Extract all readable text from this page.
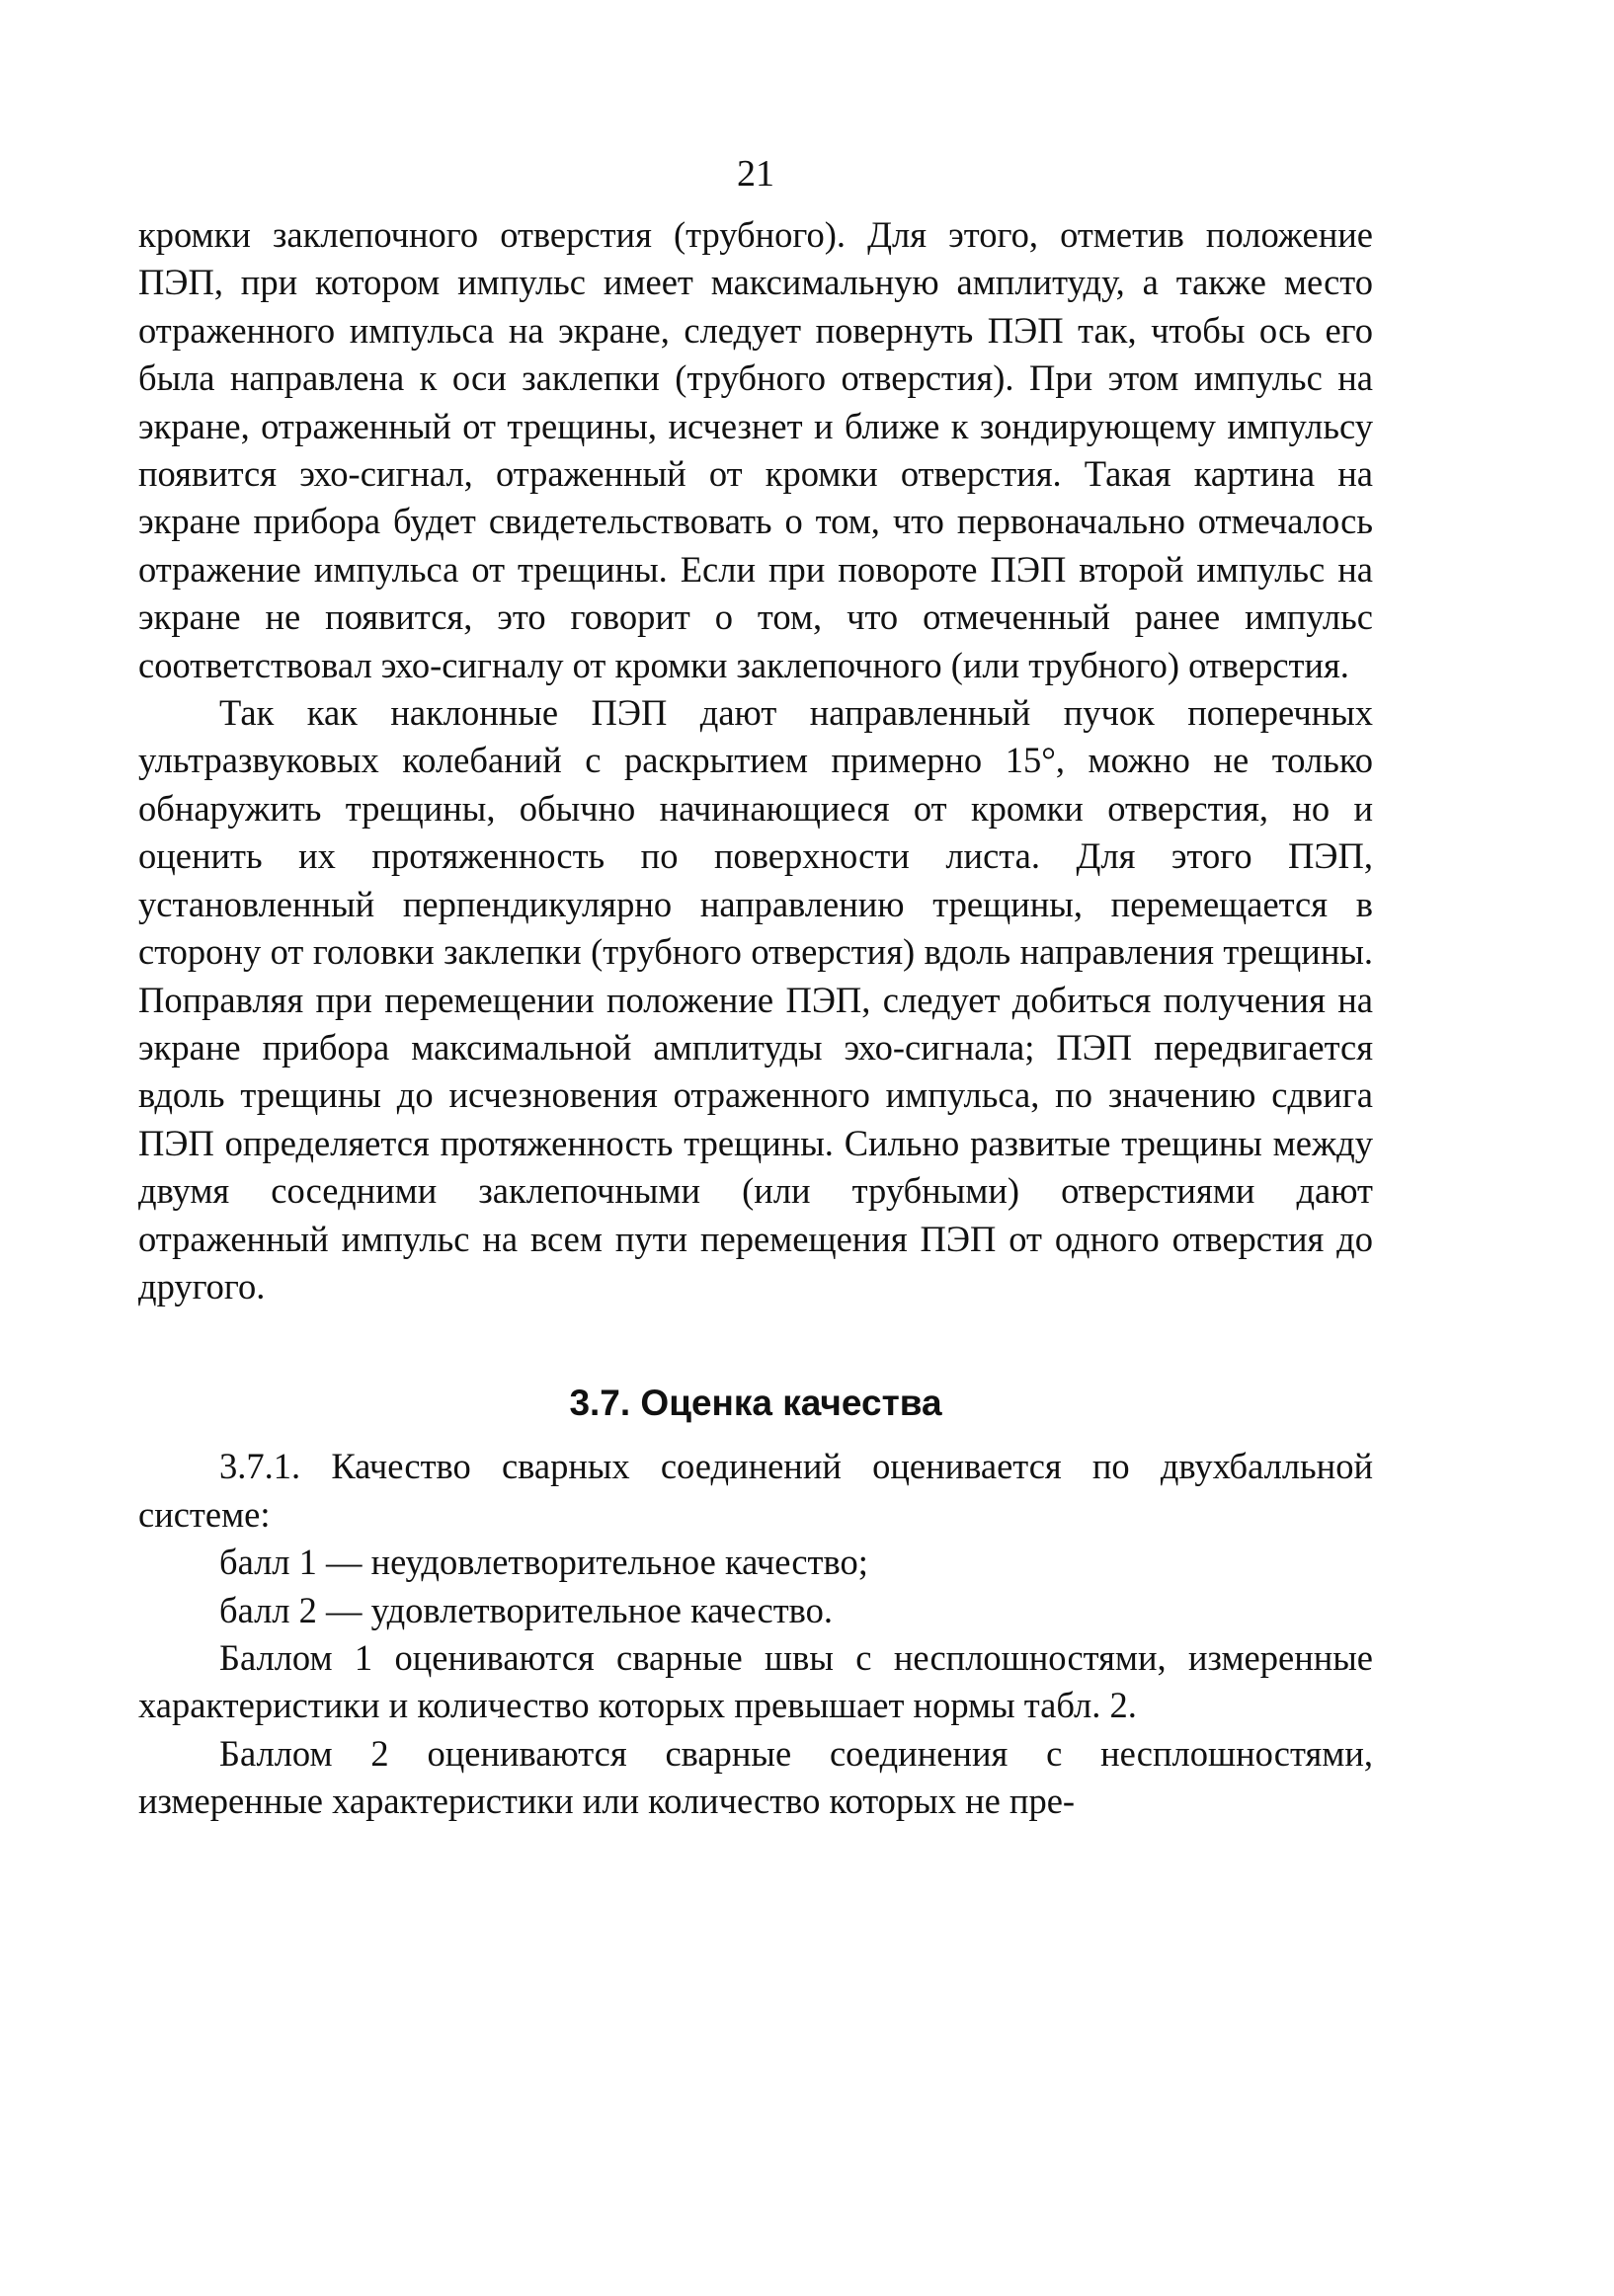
21

кромки заклепочного отверстия (трубного). Для этого, отметив положение ПЭП, при котором импульс имеет максимальную амплитуду, а также место отраженного импульса на экране, следует повернуть ПЭП так, чтобы ось его была направлена к оси заклепки (трубного отверстия). При этом импульс на экране, отраженный от трещины, исчезнет и ближе к зондирующему импульсу появится эхо-сигнал, отраженный от кромки отверстия. Такая картина на экране прибора будет свидетельствовать о том, что первоначально отмечалось отражение импульса от трещины. Если при повороте ПЭП второй импульс на экране не появится, это говорит о том, что отмеченный ранее импульс соответствовал эхо-сигналу от кромки заклепочного (или трубного) отверстия.

Так как наклонные ПЭП дают направленный пучок поперечных ультразвуковых колебаний с раскрытием примерно 15°, можно не только обнаружить трещины, обычно начинающиеся от кромки отверстия, но и оценить их протяженность по поверхности листа. Для этого ПЭП, установленный перпендикулярно направлению трещины, перемещается в сторону от головки заклепки (трубного отверстия) вдоль направления трещины. Поправляя при перемещении положение ПЭП, следует добиться получения на экране прибора максимальной амплитуды эхо-сигнала; ПЭП передвигается вдоль трещины до исчезновения отраженного импульса, по значению сдвига ПЭП определяется протяженность трещины. Сильно развитые трещины между двумя соседними заклепочными (или трубными) отверстиями дают отраженный импульс на всем пути перемещения ПЭП от одного отверстия до другого.

3.7. Оценка качества

3.7.1. Качество сварных соединений оценивается по двухбалльной системе:

балл 1 — неудовлетворительное качество;

балл 2 — удовлетворительное качество.

Баллом 1 оцениваются сварные швы с несплошностями, измеренные характеристики и количество которых превышает нормы табл. 2.

Баллом 2 оцениваются сварные соединения с несплошностями, измеренные характеристики или количество которых не пре-
